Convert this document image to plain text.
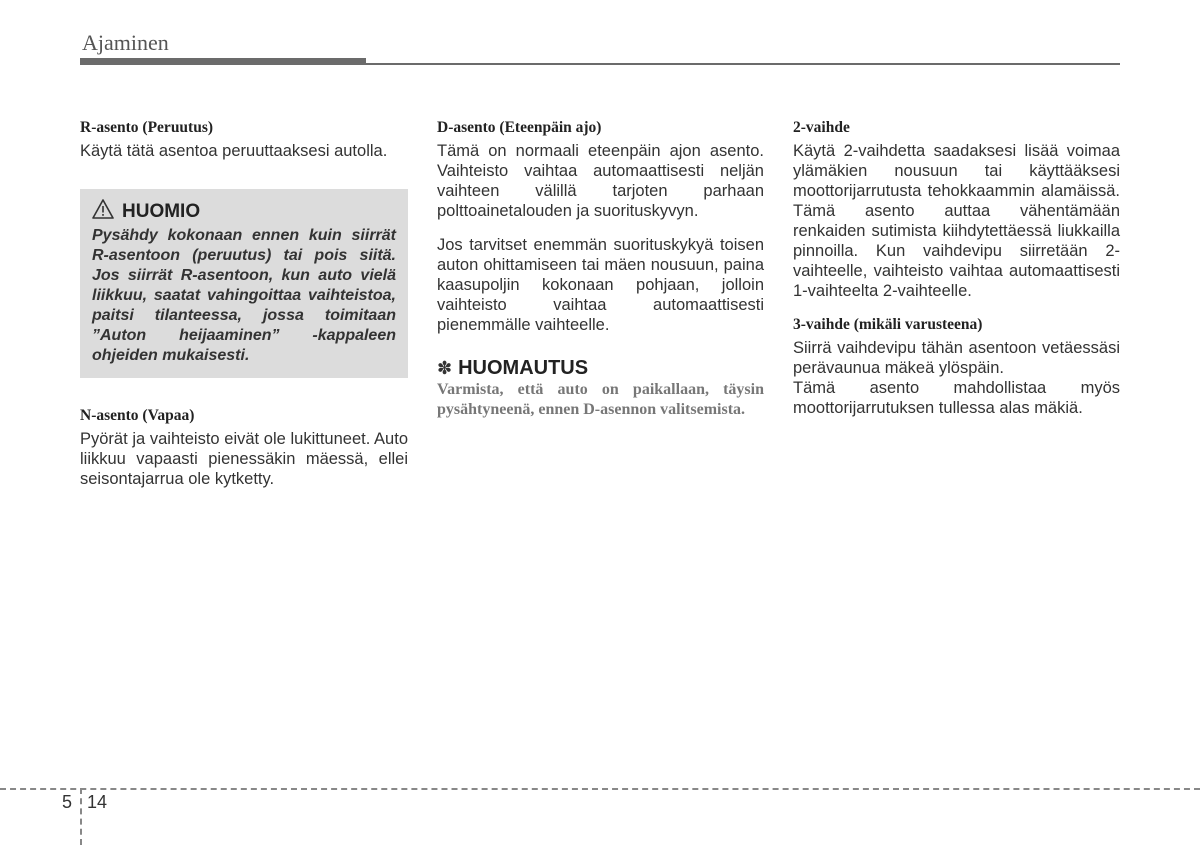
Ajaminen

R-asento (Peruutus)

Käytä tätä asentoa peruuttaaksesi autolla.

HUOMIO

Pysähdy kokonaan ennen kuin siirrät R-asentoon (peruutus) tai pois siitä. Jos siirrät R-asentoon, kun auto vielä liikkuu, saatat vahingoittaa vaihteistoa, paitsi tilanteessa, jossa toimitaan ”Auton heijaaminen” -kappaleen ohjeiden mukaisesti.

N-asento (Vapaa)

Pyörät ja vaihteisto eivät ole lukittuneet. Auto liikkuu vapaasti pienessäkin mäessä, ellei seisontajarrua ole kytketty.

D-asento (Eteenpäin ajo)

Tämä on normaali eteenpäin ajon asento. Vaihteisto vaihtaa automaattisesti neljän vaihteen välillä tarjoten parhaan polttoainetalouden ja suorituskyvyn.

Jos tarvitset enemmän suorituskykyä toisen auton ohittamiseen tai mäen nousuun, paina kaasupoljin kokonaan pohjaan, jolloin vaihteisto vaihtaa automaattisesti pienemmälle vaihteelle.

✽ HUOMAUTUS

Varmista, että auto on paikallaan, täysin pysähtyneenä, ennen D-asennon valitsemista.

2-vaihde

Käytä 2-vaihdetta saadaksesi lisää voimaa ylämäkien nousuun tai käyttääksesi moottorijarrutusta tehokkaammin alamäissä. Tämä asento auttaa vähentämään renkaiden sutimista kiihdytettäessä liukkailla pinnoilla. Kun vaihdevipu siirretään 2-vaihteelle, vaihteisto vaihtaa automaattisesti 1-vaihteelta 2-vaihteelle.

3-vaihde (mikäli varusteena)

Siirrä vaihdevipu tähän asentoon vetäessäsi perävaunua mäkeä ylöspäin.

Tämä asento mahdollistaa myös moottorijarrutuksen tullessa alas mäkiä.

5 14
